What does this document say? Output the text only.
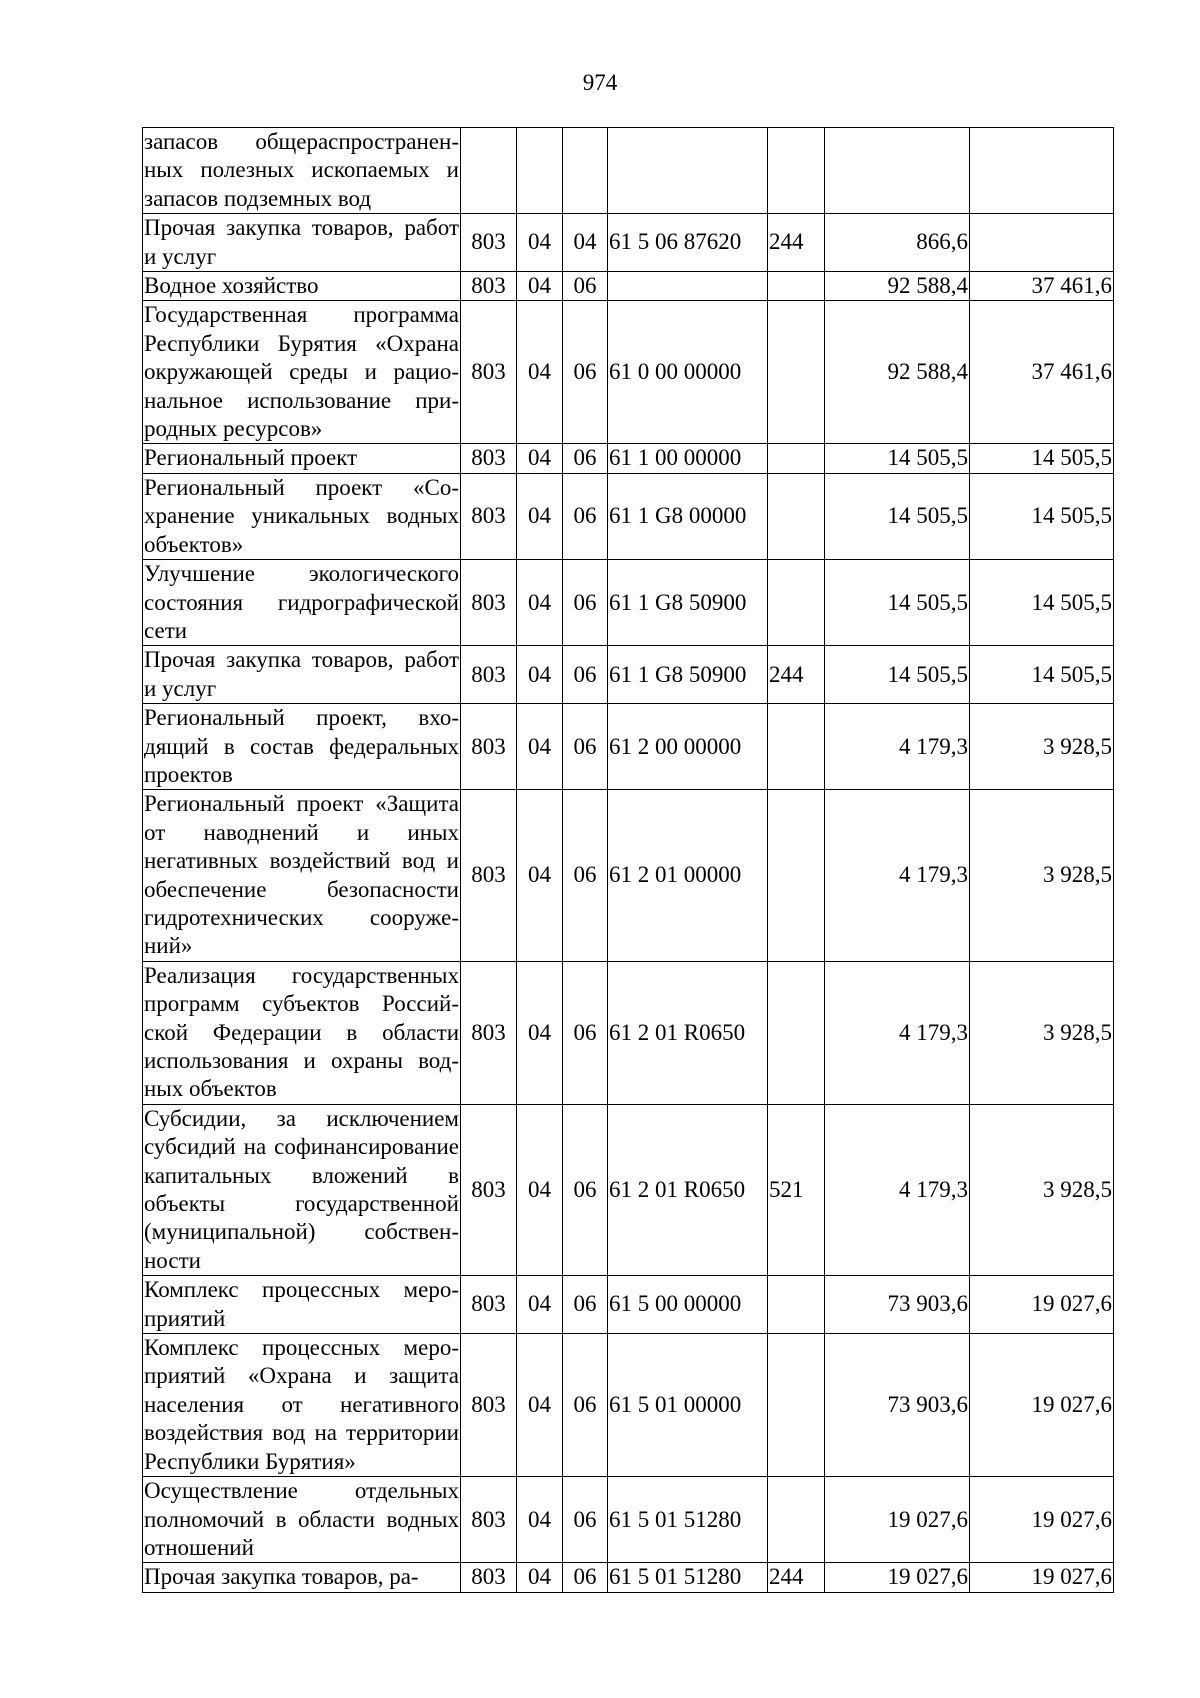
974
запасов общераспространенных полезных ископаемых и запасов подземных вод							
Прочая закупка товаров, работ и услуг	803	04	04	61 5 06 87620	244	866,6	
Водное хозяйство	803	04	06			92 588,4	37 461,6
Государственная программа Республики Бурятия «Охрана окружающей среды и рациональное использование природных ресурсов»	803	04	06	61 0 00 00000		92 588,4	37 461,6
Региональный проект	803	04	06	61 1 00 00000		14 505,5	14 505,5
Региональный проект «Сохранение уникальных водных объектов»	803	04	06	61 1 G8 00000		14 505,5	14 505,5
Улучшение экологического состояния гидрографической сети	803	04	06	61 1 G8 50900		14 505,5	14 505,5
Прочая закупка товаров, работ и услуг	803	04	06	61 1 G8 50900	244	14 505,5	14 505,5
Региональный проект, входящий в состав федеральных проектов	803	04	06	61 2 00 00000		4 179,3	3 928,5
Региональный проект «Защита от наводнений и иных негативных воздействий вод и обеспечение безопасности гидротехнических сооружений»	803	04	06	61 2 01 00000		4 179,3	3 928,5
Реализация государственных программ субъектов Российской Федерации в области использования и охраны водных объектов	803	04	06	61 2 01 R0650		4 179,3	3 928,5
Субсидии, за исключением субсидий на софинансирование капитальных вложений в объекты государственной (муниципальной) собственности	803	04	06	61 2 01 R0650	521	4 179,3	3 928,5
Комплекс процессных мероприятий	803	04	06	61 5 00 00000		73 903,6	19 027,6
Комплекс процессных мероприятий «Охрана и защита населения от негативного воздействия вод на территории Республики Бурятия»	803	04	06	61 5 01 00000		73 903,6	19 027,6
Осуществление отдельных полномочий в области водных отношений	803	04	06	61 5 01 51280		19 027,6	19 027,6
Прочая закупка товаров, ра-	803	04	06	61 5 01 51280	244	19 027,6	19 027,6
